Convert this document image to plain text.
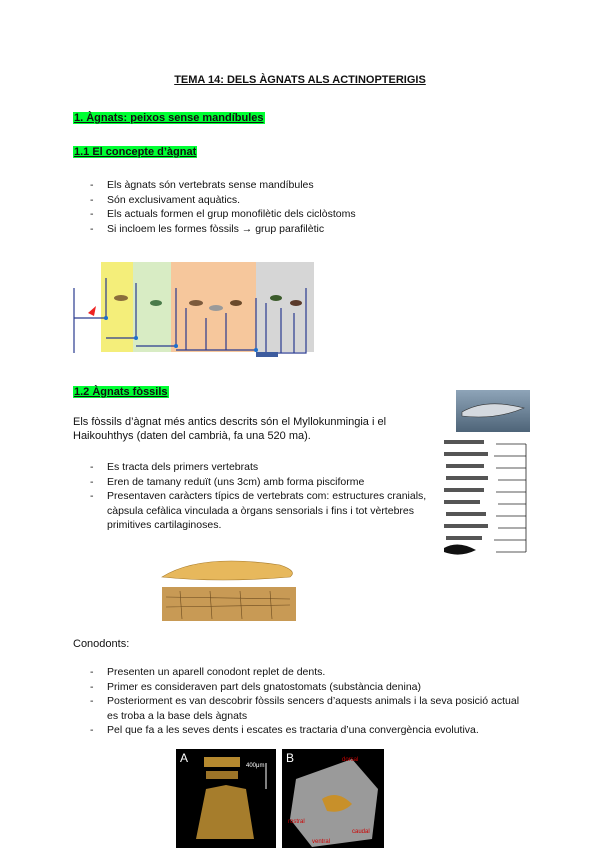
TEMA 14: DELS ÀGNATS ALS ACTINOPTERIGIS
1. Àgnats: peixos sense mandíbules
1.1 El concepte d’àgnat
- Els àgnats són vertebrats sense mandíbules
- Són exclusivament aquàtics.
- Els actuals formen el grup monofilètic dels ciclòstoms
- Si incloem les formes fòssils → grup parafilètic
1.2 Àgnats fòssils
Els fòssils d’àgnat més antics descrits són el Myllokunmingia i el Haikouhthys (daten del cambrià, fa una 520 ma).
- Es tracta dels primers vertebrats
- Eren de tamany reduït (uns 3cm) amb forma pisciforme
- Presentaven caràcters típics de vertebrats com: estructures cranials, càpsula cefàlica vinculada a òrgans sensorials i fins i tot vèrtebres primitives cartilaginoses.
Conodonts:
- Presenten un aparell conodont replet de dents.
- Primer es consideraven part dels gnatostomats (substància denina)
- Posteriorment es van descobrir fòssils sencers d’aquests animals i la seva posició actual es troba a la base dels àgnats
- Pel que fa a les seves dents i escates es tractaria d’una convergència evolutiva.
A
400μm
B	dorsal
rostral
caudal
ventral
